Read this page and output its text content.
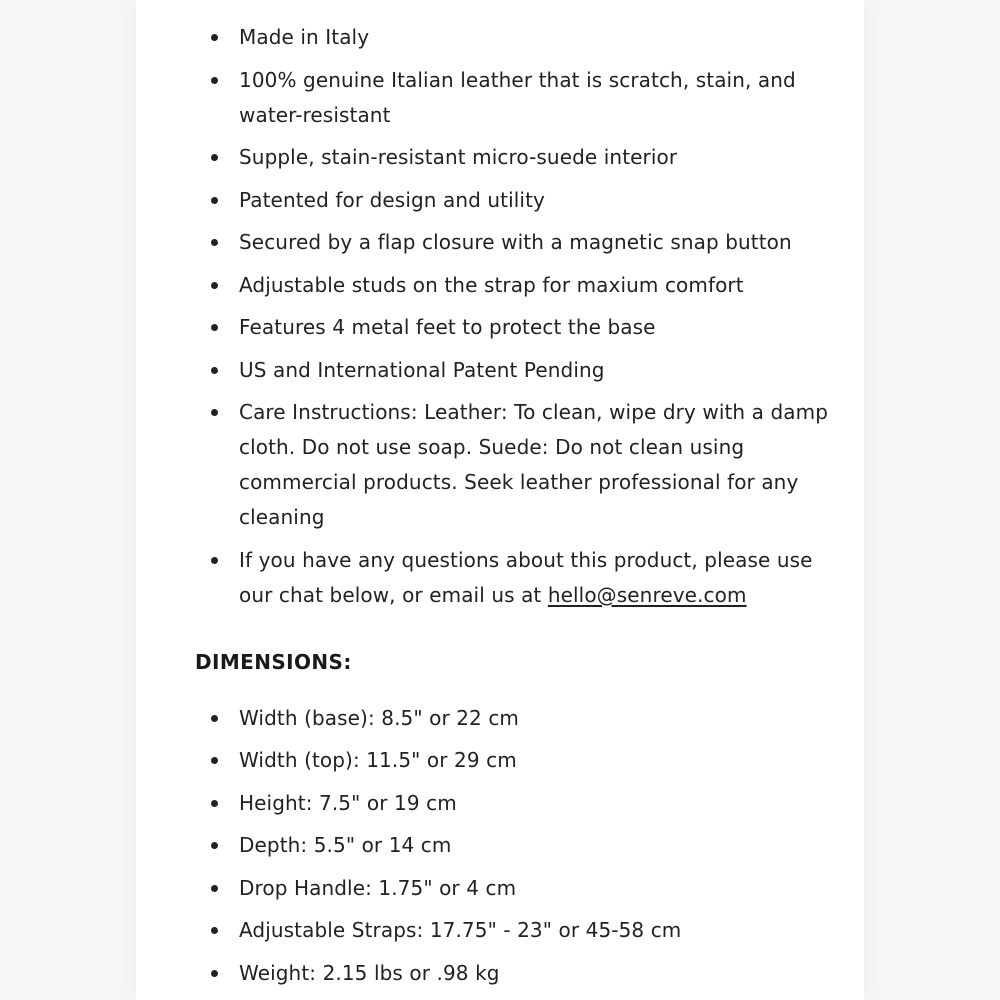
Made in Italy
100% genuine Italian leather that is scratch, stain, and water-resistant
Supple, stain-resistant micro-suede interior
Patented for design and utility
Secured by a flap closure with a magnetic snap button
Adjustable studs on the strap for maxium comfort
Features 4 metal feet to protect the base
US and International Patent Pending
Care Instructions: Leather: To clean, wipe dry with a damp cloth. Do not use soap. Suede: Do not clean using commercial products. Seek leather professional for any cleaning
If you have any questions about this product, please use our chat below, or email us at hello@senreve.com
DIMENSIONS:
Width (base): 8.5" or 22 cm
Width (top): 11.5" or 29 cm
Height: 7.5" or 19 cm
Depth: 5.5" or 14 cm
Drop Handle: 1.75" or 4 cm
Adjustable Straps: 17.75" - 23" or 45-58 cm
Weight: 2.15 lbs or .98 kg
